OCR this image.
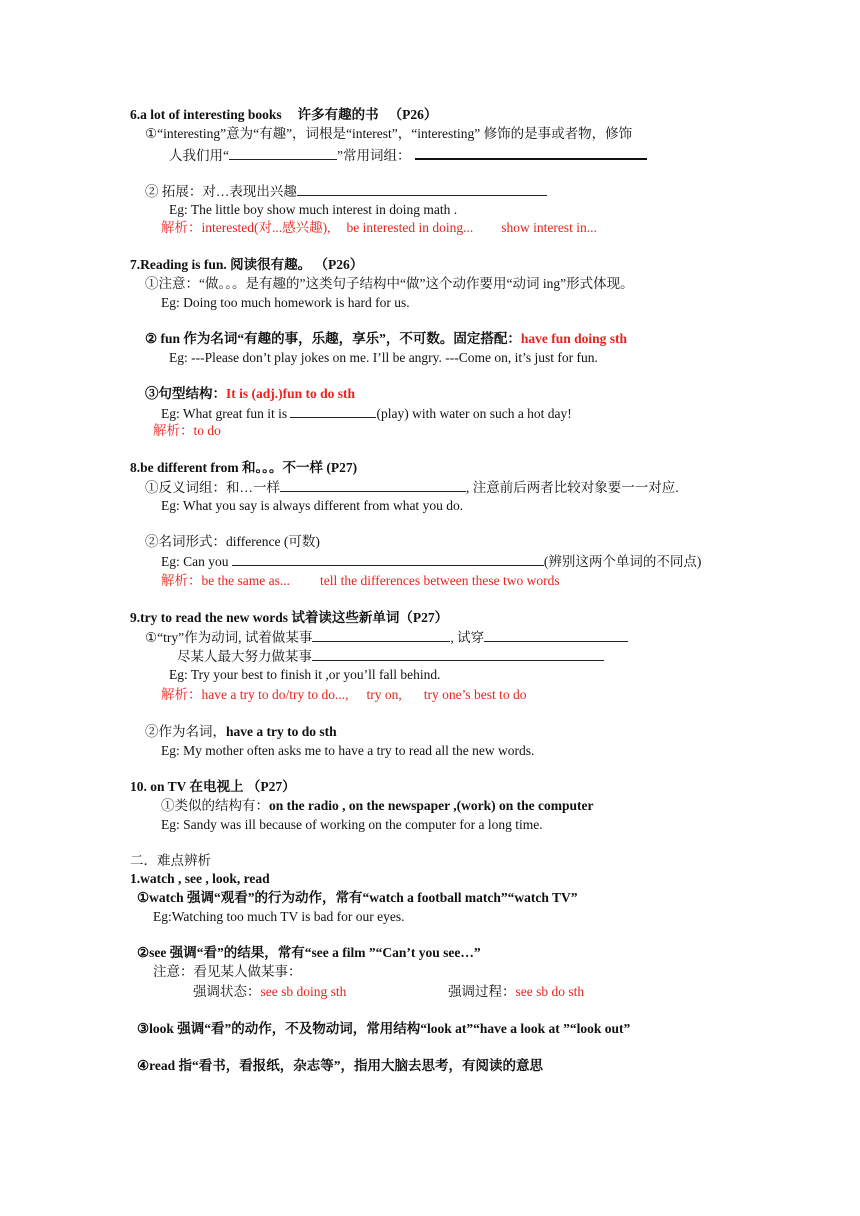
6.a lot of interesting books 许多有趣的书 （P26）
①“interesting”意为“有趣”，词根是“interest”，“interesting” 修饰的是事或者物，修饰
人我们用“	”常用词组：
② 拓展：对…表现出兴趣
Eg: The little boy show much interest in doing math .
解析：interested(对...感兴趣), be interested in doing... show interest in...
7.Reading is fun. 阅读很有趣。 （P26）
①注意：“做。。。是有趣的”这类句子结构中“做”这个动作要用“动词 ing”形式体现。
Eg: Doing too much homework is hard for us.
② fun 作为名词“有趣的事，乐趣，享乐”，不可数。固定搭配：have fun doing sth
Eg: ---Please don’t play jokes on me. I’ll be angry. ---Come on, it’s just for fun.
③句型结构：It is (adj.)fun to do sth
Eg: What great fun it is	(play) with water on such a hot day!
解析：to do
8.be different from 和。。。不一样 (P27)
①反义词组：和…一样	, 注意前后两者比较对象要一一对应.
Eg: What you say is always different from what you do.
②名词形式：difference (可数)
Eg: Can you	(辨别这两个单词的不同点)
解析：be the same as... tell the differences between these two words
9.try to read the new words 试着读这些新单词（P27）
①“try”作为动词, 试着做某事	, 试穿
尽某人最大努力做某事
Eg: Try your best to finish it ,or you’ll fall behind.
解析：have a try to do/try to do..., try on, try one’s best to do
②作为名词，have a try to do sth
Eg: My mother often asks me to have a try to read all the new words.
10. on TV 在电视上 （P27）
①类似的结构有：on the radio , on the newspaper ,(work) on the computer
Eg: Sandy was ill because of working on the computer for a long time.
二．难点辨析
1.watch , see , look, read
①watch 强调“观看”的行为动作，常有“watch a football match”“watch TV”
Eg:Watching too much TV is bad for our eyes.
②see 强调“看”的结果，常有“see a film ”“Can’t you see…”
注意：看见某人做某事：
强调状态：see sb doing sth	强调过程：see sb do sth
③look 强调“看”的动作，不及物动词，常用结构“look at”“have a look at ”“look out”
④read 指“看书，看报纸，杂志等”，指用大脑去思考，有阅读的意思
